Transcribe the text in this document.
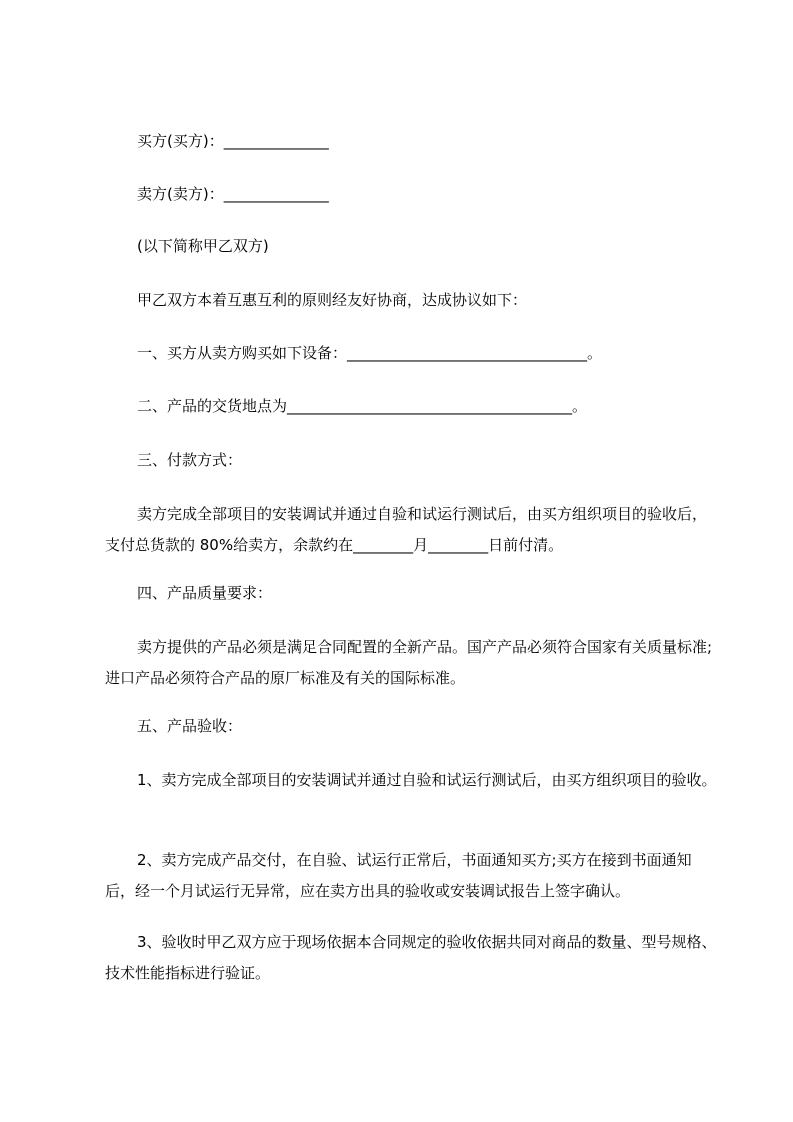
买方(买方)：______________
卖方(卖方)：______________
(以下简称甲乙双方)
甲乙双方本着互惠互利的原则经友好协商，达成协议如下：
一、买方从卖方购买如下设备：________________________________。
二、产品的交货地点为______________________________________。
三、付款方式：
卖方完成全部项目的安装调试并通过自验和试运行测试后，由买方组织项目的验收后，支付总货款的 80%给卖方，余款约在________月________日前付清。
四、产品质量要求：
卖方提供的产品必须是满足合同配置的全新产品。国产产品必须符合国家有关质量标准;进口产品必须符合产品的原厂标准及有关的国际标准。
五、产品验收：
1、卖方完成全部项目的安装调试并通过自验和试运行测试后，由买方组织项目的验收。
2、卖方完成产品交付，在自验、试运行正常后，书面通知买方;买方在接到书面通知后，经一个月试运行无异常，应在卖方出具的验收或安装调试报告上签字确认。
3、验收时甲乙双方应于现场依据本合同规定的验收依据共同对商品的数量、型号规格、技术性能指标进行验证。
